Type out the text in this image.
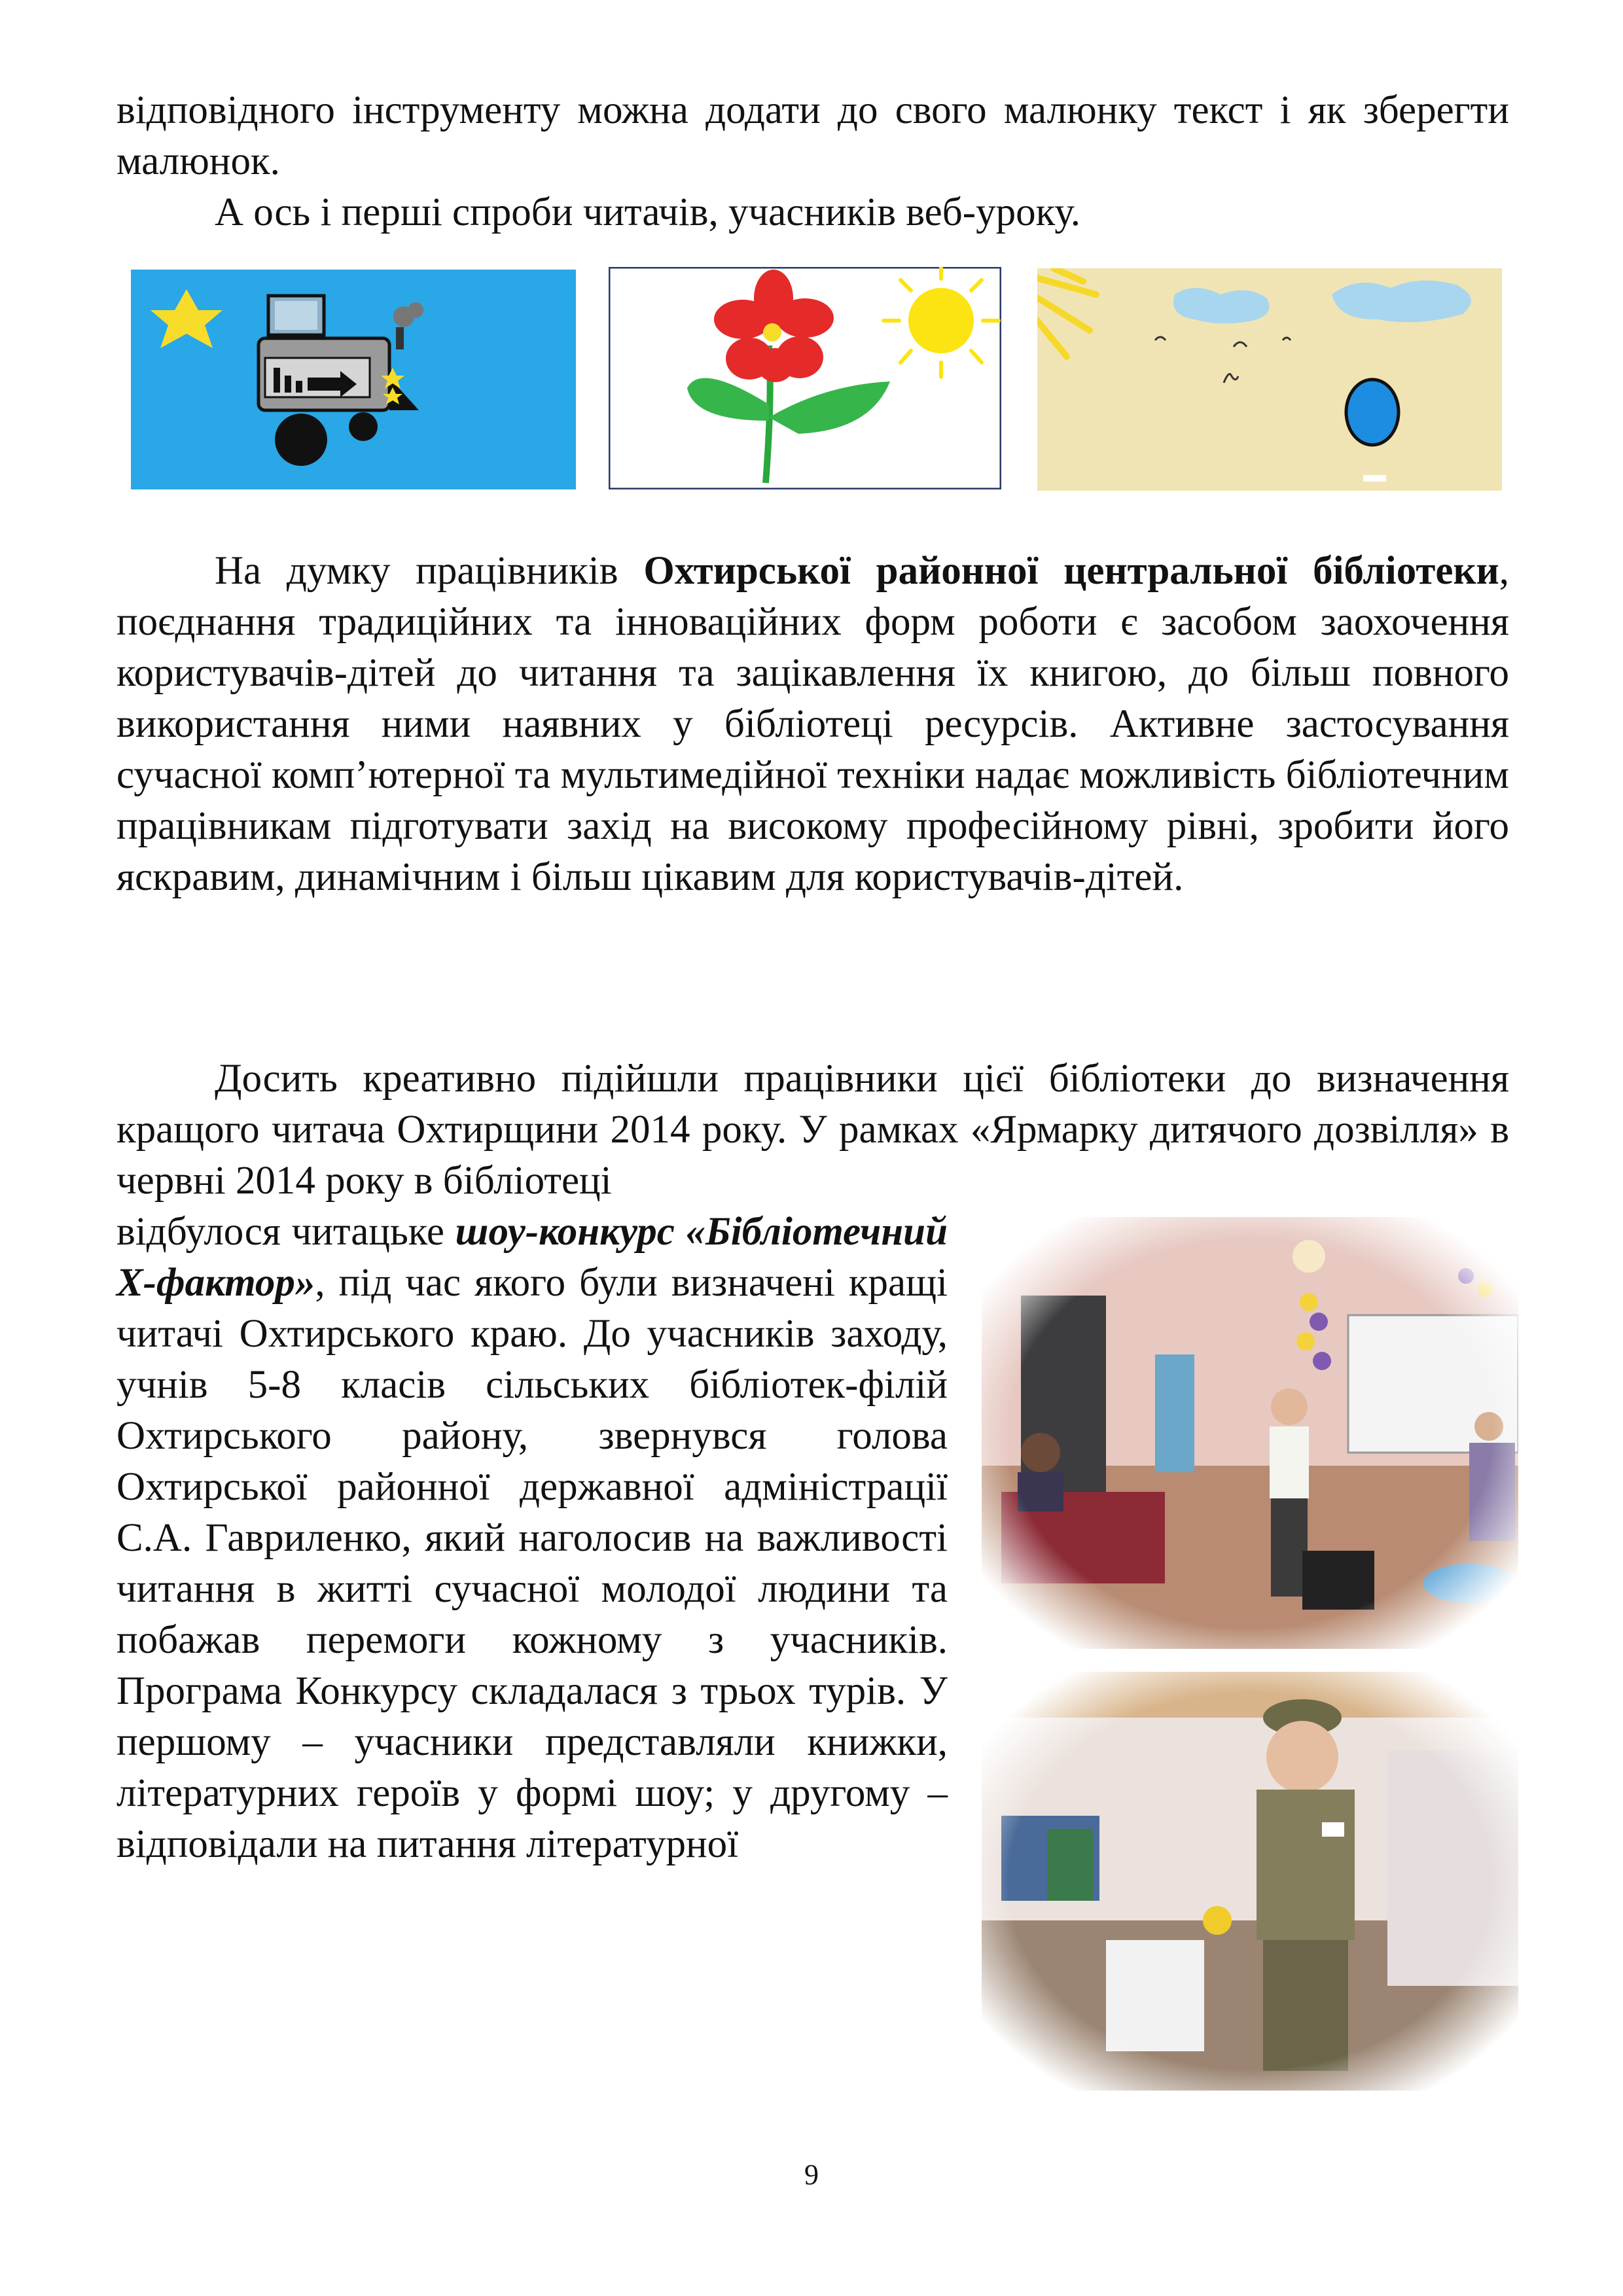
відповідного інструменту можна додати до свого малюнку текст і як зберегти малюнок.

А ось і перші спроби читачів, учасників веб-уроку.

На думку працівників Охтирської районної центральної бібліотеки, поєднання традиційних та інноваційних форм роботи є засобом заохочення користувачів-дітей до читання та зацікавлення їх книгою, до більш повного використання ними наявних у бібліотеці ресурсів. Активне застосування сучасної комп’ютерної та мультимедійної техніки надає можливість бібліотечним працівникам підготувати захід на високому професійному рівні, зробити його яскравим, динамічним і більш цікавим для користувачів-дітей.

Досить креативно підійшли працівники цієї бібліотеки до визначення кращого читача Охтирщини 2014 року. У рамках «Ярмарку дитячого дозвілля» в червні 2014 року в бібліотеці

відбулося читацьке шоу-конкурс «Бібліотечний Х-фактор», під час якого були визначені кращі читачі Охтирського краю. До учасників заходу, учнів 5-8 класів сільських бібліотек-філій Охтирського району, звернувся голова Охтирської районної державної адміністрації С.А. Гавриленко, який наголосив на важливості читання в житті сучасної молодої людини та побажав перемоги кожному з учасників. Програма Конкурсу складалася з трьох турів. У першому – учасники представляли книжки, літературних героїв у формі шоу; у другому – відповідали на питання літературної

9
